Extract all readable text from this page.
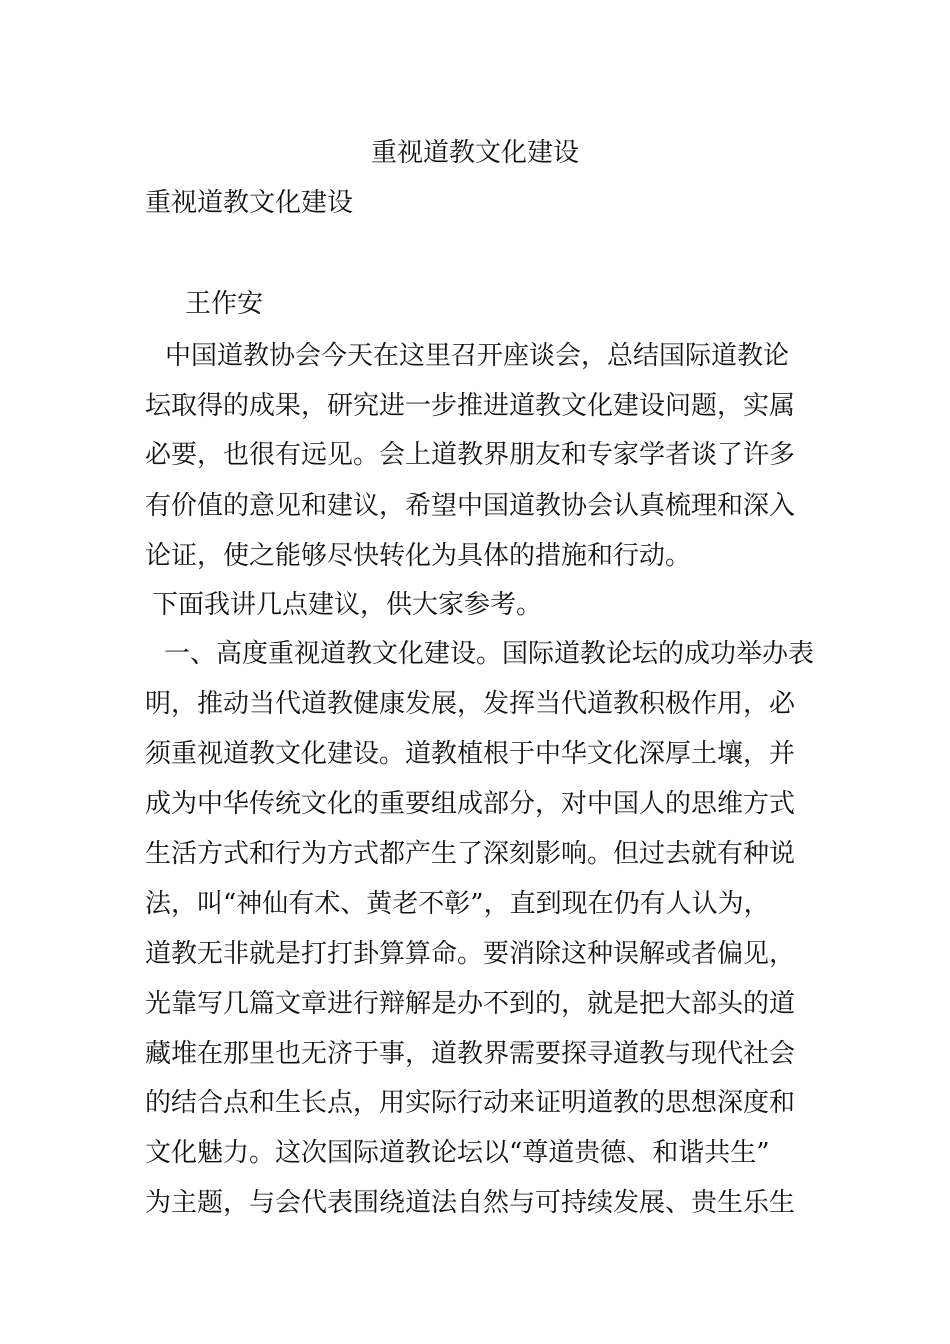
重视道教文化建设
重视道教文化建设
王作安
中国道教协会今天在这里召开座谈会，总结国际道教论
坛取得的成果，研究进一步推进道教文化建设问题，实属
必要，也很有远见。会上道教界朋友和专家学者谈了许多
有价值的意见和建议，希望中国道教协会认真梳理和深入
论证，使之能够尽快转化为具体的措施和行动。
下面我讲几点建议，供大家参考。
一、高度重视道教文化建设。国际道教论坛的成功举办表
明，推动当代道教健康发展，发挥当代道教积极作用，必
须重视道教文化建设。道教植根于中华文化深厚土壤，并
成为中华传统文化的重要组成部分，对中国人的思维方式
生活方式和行为方式都产生了深刻影响。但过去就有种说
法，叫“神仙有术、黄老不彰”，直到现在仍有人认为，
道教无非就是打打卦算算命。要消除这种误解或者偏见，
光靠写几篇文章进行辩解是办不到的，就是把大部头的道
藏堆在那里也无济于事，道教界需要探寻道教与现代社会
的结合点和生长点，用实际行动来证明道教的思想深度和
文化魅力。这次国际道教论坛以“尊道贵德、和谐共生”
为主题，与会代表围绕道法自然与可持续发展、贵生乐生
